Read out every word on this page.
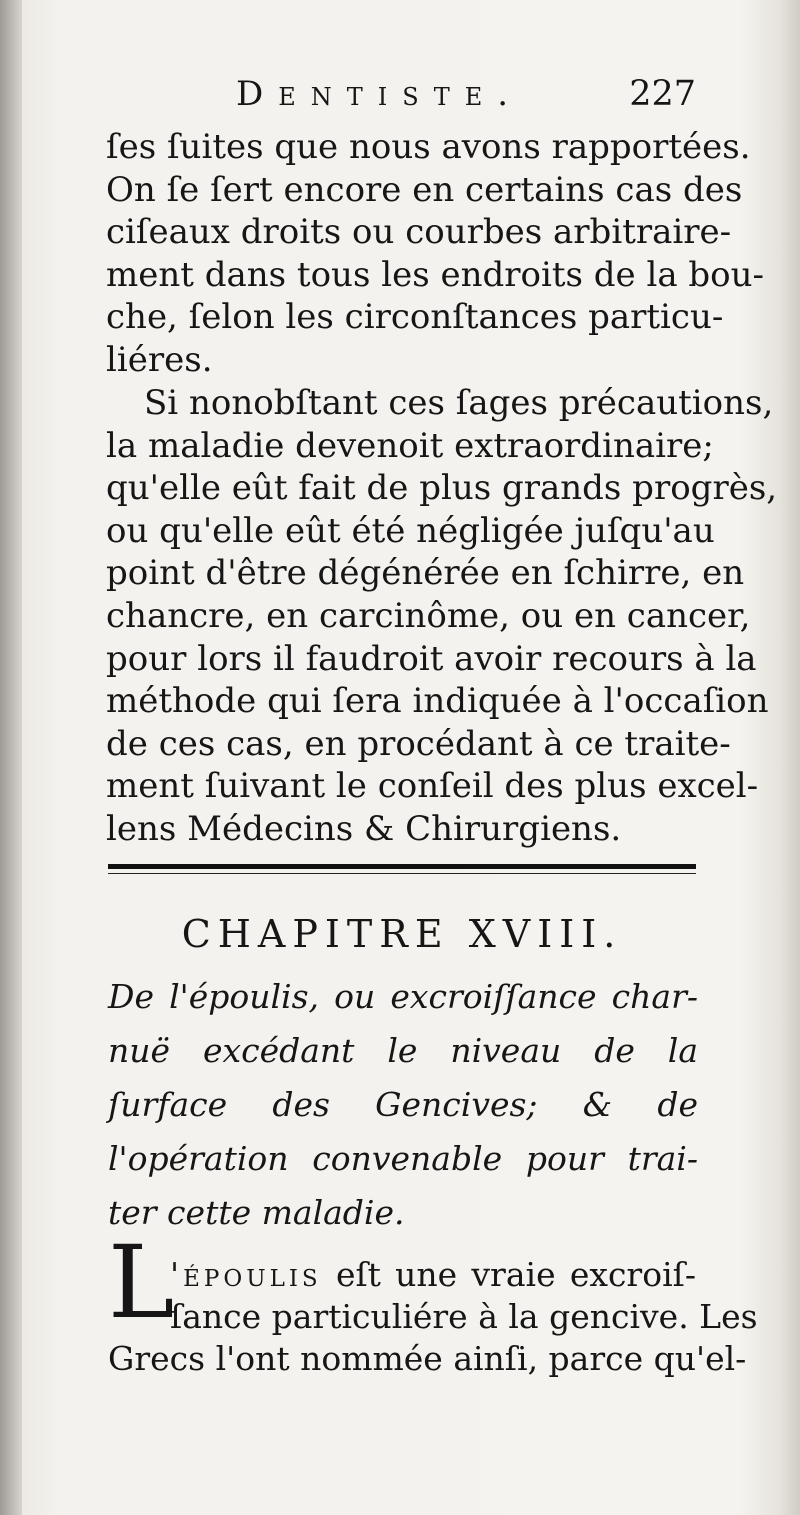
Dentiste.	227
ſes ſuites que nous avons rapportées.
On ſe ſert encore en certains cas des
ciſeaux droits ou courbes arbitraire-
ment dans tous les endroits de la bou-
che, ſelon les circonſtances particu-
liéres.
Si nonobſtant ces ſages précautions,
la maladie devenoit extraordinaire;
qu'elle eût fait de plus grands progrès,
ou qu'elle eût été négligée juſqu'au
point d'être dégénérée en ſchirre, en
chancre, en carcinôme, ou en cancer,
pour lors il faudroit avoir recours à la
méthode qui ſera indiquée à l'occaſion
de ces cas, en procédant à ce traite-
ment ſuivant le conſeil des plus excel-
lens Médecins & Chirurgiens.
CHAPITRE XVIII.
De l'époulis, ou excroiſſance char-
nuë excédant le niveau de la
ſurface des Gencives; & de
l'opération convenable pour trai-
ter cette maladie.
L
'époulis eſt une vraie excroiſ-
ſance particuliére à la gencive. Les
Grecs l'ont nommée ainſi, parce qu'el-
